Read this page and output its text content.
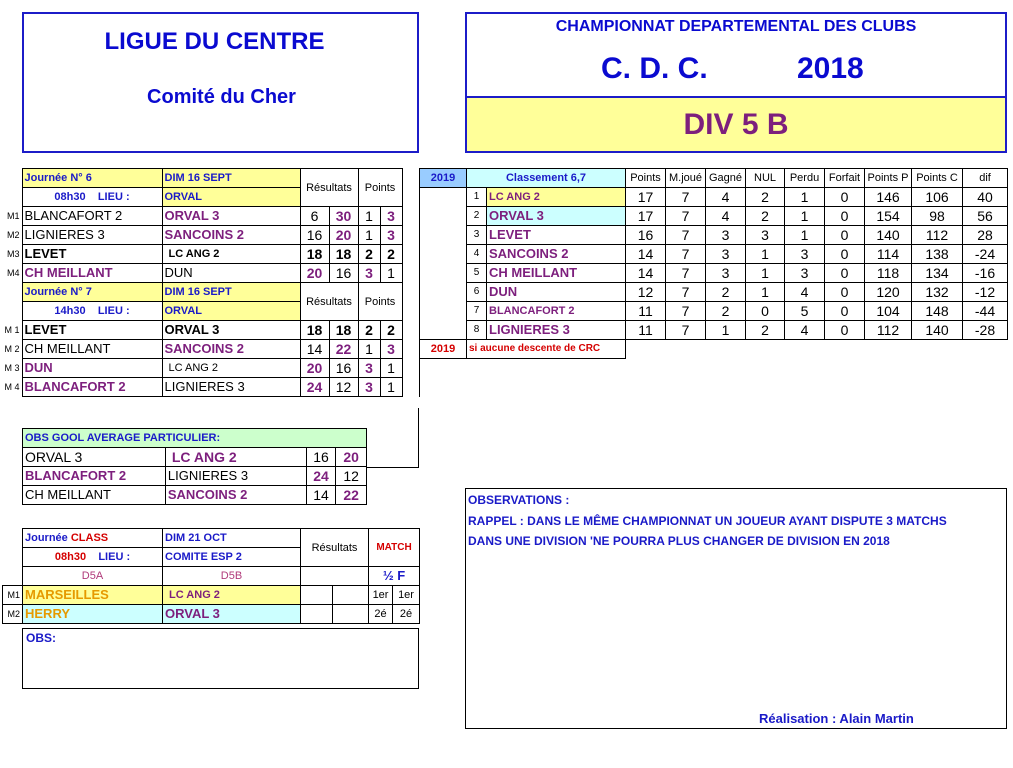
LIGUE DU CENTRE
Comité du Cher
CHAMPIONNAT DEPARTEMENTAL DES CLUBS
C. D. C.	2018
DIV 5 B
	Journée N° 6	DIM 16 SEPT	Résultats		Points		
	08h30 LIEU :	ORVAL					
M1	BLANCAFORT 2	ORVAL 3	6	30	1	3	
M2	LIGNIERES 3	SANCOINS 2	16	20	1	3	
M3	LEVET	LC ANG 2	18	18	2	2	
M4	CH MEILLANT	DUN	20	16	3	1	
	Journée N° 7	DIM 16 SEPT	Résultats		Points		
	14h30 LIEU :	ORVAL					
M 1	LEVET	ORVAL 3	18	18	2	2	
M 2	CH MEILLANT	SANCOINS 2	14	22	1	3	
M 3	DUN	LC ANG 2	20	16	3	1	
M 4	BLANCAFORT 2	LIGNIERES 3	24	12	3	1	
OBS GOOL AVERAGE PARTICULIER:			
ORVAL 3	LC ANG 2	16	20
BLANCAFORT 2	LIGNIERES 3	24	12
CH MEILLANT	SANCOINS 2	14	22
2019	Classement 6,7		Points	M.joué	Gagné	NUL	Perdu	Forfait	Points P	Points C	dif
	1	LC ANG 2	17	7	4	2	1	0	146	106	40
	2	ORVAL 3	17	7	4	2	1	0	154	98	56
	3	LEVET	16	7	3	3	1	0	140	112	28
	4	SANCOINS 2	14	7	3	1	3	0	114	138	-24
	5	CH MEILLANT	14	7	3	1	3	0	118	134	-16
	6	DUN	12	7	2	1	4	0	120	132	-12
	7	BLANCAFORT 2	11	7	2	0	5	0	104	148	-44
	8	LIGNIERES 3	11	7	1	2	4	0	112	140	-28
2019	si aucune descente de CRC										
	Journée CLASS	DIM 21 OCT	Résultats		MATCH	
	08h30 LIEU :	COMITE ESP 2				
	D5A	D5B			½ F	
M1	MARSEILLES	LC ANG 2			1er	1er
M2	HERRY	ORVAL 3			2é	2é
OBS:
OBSERVATIONS :
RAPPEL : DANS LE MÊME CHAMPIONNAT UN JOUEUR AYANT DISPUTE 3 MATCHS
DANS UNE DIVISION 'NE POURRA PLUS CHANGER DE DIVISION EN 2018
Réalisation : Alain Martin
